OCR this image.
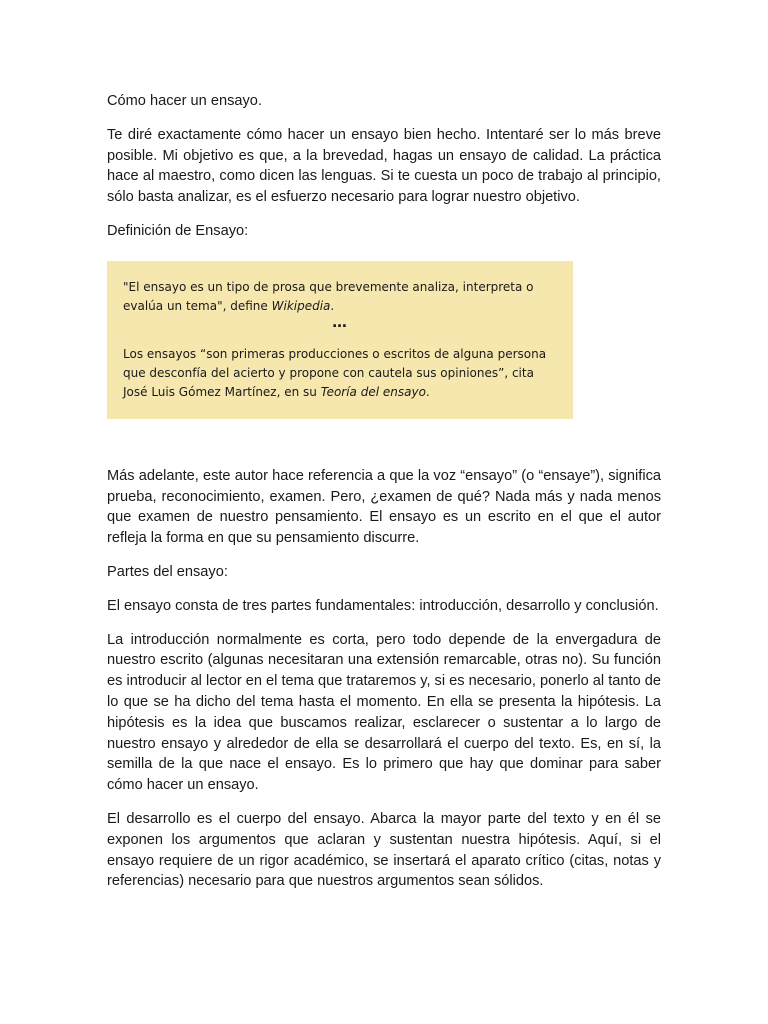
Cómo hacer un ensayo.

Te diré exactamente cómo hacer un ensayo bien hecho. Intentaré ser lo más breve posible. Mi objetivo es que, a la brevedad, hagas un ensayo de calidad. La práctica hace al maestro, como dicen las lenguas. Si te cuesta un poco de trabajo al principio, sólo basta analizar, es el esfuerzo necesario para lograr nuestro objetivo.

Definición de Ensayo:

"El ensayo es un tipo de prosa que brevemente analiza, interpreta o evalúa un tema", define Wikipedia.

…

Los ensayos “son primeras producciones o escritos de alguna persona que desconfía del acierto y propone con cautela sus opiniones”, cita José Luis Gómez Martínez, en su Teoría del ensayo.

Más adelante, este autor hace referencia a que la voz “ensayo” (o “ensaye”), significa prueba, reconocimiento, examen. Pero, ¿examen de qué? Nada más y nada menos que examen de nuestro pensamiento. El ensayo es un escrito en el que el autor refleja la forma en que su pensamiento discurre.

Partes del ensayo:

El ensayo consta de tres partes fundamentales: introducción, desarrollo y conclusión.

La introducción normalmente es corta, pero todo depende de la envergadura de nuestro escrito (algunas necesitaran una extensión remarcable, otras no). Su función es introducir al lector en el tema que trataremos y, si es necesario, ponerlo al tanto de lo que se ha dicho del tema hasta el momento. En ella se presenta la hipótesis. La hipótesis es la idea que buscamos realizar, esclarecer o sustentar a lo largo de nuestro ensayo y alrededor de ella se desarrollará el cuerpo del texto. Es, en sí, la semilla de la que nace el ensayo. Es lo primero que hay que dominar para saber cómo hacer un ensayo.

El desarrollo es el cuerpo del ensayo. Abarca la mayor parte del texto y en él se exponen los argumentos que aclaran y sustentan nuestra hipótesis. Aquí, si el ensayo requiere de un rigor académico, se insertará el aparato crítico (citas, notas y referencias) necesario para que nuestros argumentos sean sólidos.
